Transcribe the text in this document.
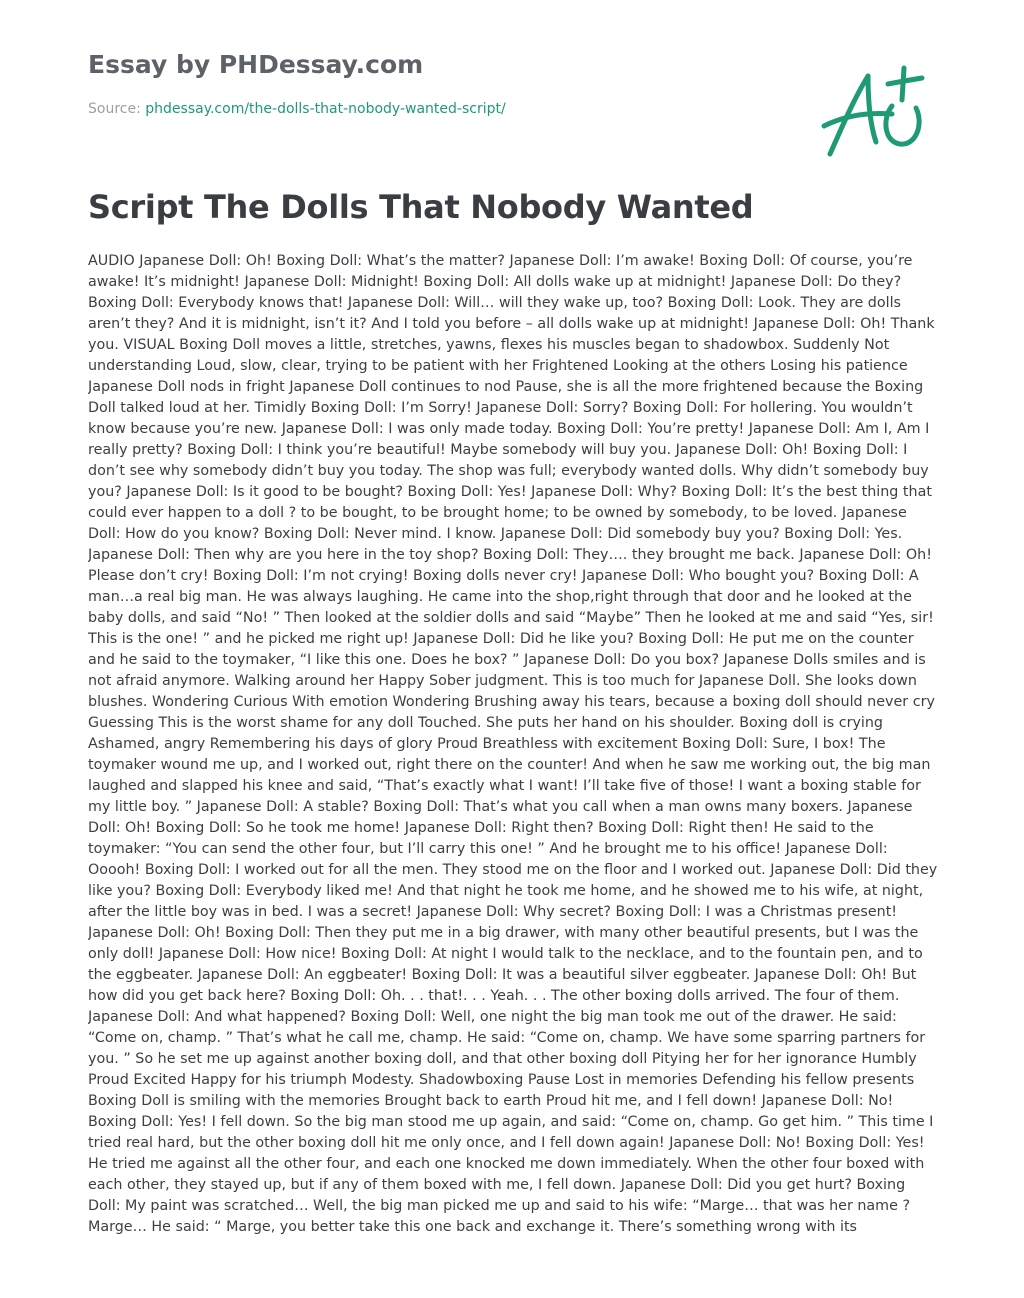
Essay by PHDessay.com
Source: phdessay.com/the-dolls-that-nobody-wanted-script/
Script The Dolls That Nobody Wanted

AUDIO Japanese Doll: Oh! Boxing Doll: What’s the matter? Japanese Doll: I’m awake! Boxing Doll: Of course, you’re awake! It’s midnight! Japanese Doll: Midnight! Boxing Doll: All dolls wake up at midnight! Japanese Doll: Do they? Boxing Doll: Everybody knows that! Japanese Doll: Will… will they wake up, too? Boxing Doll: Look. They are dolls aren’t they? And it is midnight, isn’t it? And I told you before – all dolls wake up at midnight! Japanese Doll: Oh! Thank you. VISUAL Boxing Doll moves a little, stretches, yawns, flexes his muscles began to shadowbox. Suddenly Not understanding Loud, slow, clear, trying to be patient with her Frightened Looking at the others Losing his patience Japanese Doll nods in fright Japanese Doll continues to nod Pause, she is all the more frightened because the Boxing Doll talked loud at her. Timidly Boxing Doll: I’m Sorry! Japanese Doll: Sorry? Boxing Doll: For hollering. You wouldn’t know because you’re new. Japanese Doll: I was only made today. Boxing Doll: You’re pretty! Japanese Doll: Am I, Am I really pretty? Boxing Doll: I think you’re beautiful! Maybe somebody will buy you. Japanese Doll: Oh! Boxing Doll: I don’t see why somebody didn’t buy you today. The shop was full; everybody wanted dolls. Why didn’t somebody buy you? Japanese Doll: Is it good to be bought? Boxing Doll: Yes! Japanese Doll: Why? Boxing Doll: It’s the best thing that could ever happen to a doll ? to be bought, to be brought home; to be owned by somebody, to be loved. Japanese Doll: How do you know? Boxing Doll: Never mind. I know. Japanese Doll: Did somebody buy you? Boxing Doll: Yes. Japanese Doll: Then why are you here in the toy shop? Boxing Doll: They…. they brought me back. Japanese Doll: Oh! Please don’t cry! Boxing Doll: I’m not crying! Boxing dolls never cry! Japanese Doll: Who bought you? Boxing Doll: A man…a real big man. He was always laughing. He came into the shop,right through that door and he looked at the baby dolls, and said “No! ” Then looked at the soldier dolls and said “Maybe” Then he looked at me and said “Yes, sir! This is the one! ” and he picked me right up! Japanese Doll: Did he like you? Boxing Doll: He put me on the counter and he said to the toymaker, “I like this one. Does he box? ” Japanese Doll: Do you box? Japanese Dolls smiles and is not afraid anymore. Walking around her Happy Sober judgment. This is too much for Japanese Doll. She looks down blushes. Wondering Curious With emotion Wondering Brushing away his tears, because a boxing doll should never cry Guessing This is the worst shame for any doll Touched. She puts her hand on his shoulder. Boxing doll is crying Ashamed, angry Remembering his days of glory Proud Breathless with excitement Boxing Doll: Sure, I box! The toymaker wound me up, and I worked out, right there on the counter! And when he saw me working out, the big man laughed and slapped his knee and said, “That’s exactly what I want! I’ll take five of those! I want a boxing stable for my little boy. ” Japanese Doll: A stable? Boxing Doll: That’s what you call when a man owns many boxers. Japanese Doll: Oh! Boxing Doll: So he took me home! Japanese Doll: Right then? Boxing Doll: Right then! He said to the toymaker: “You can send the other four, but I’ll carry this one! ” And he brought me to his office! Japanese Doll: Ooooh! Boxing Doll: I worked out for all the men. They stood me on the floor and I worked out. Japanese Doll: Did they like you? Boxing Doll: Everybody liked me! And that night he took me home, and he showed me to his wife, at night, after the little boy was in bed. I was a secret! Japanese Doll: Why secret? Boxing Doll: I was a Christmas present! Japanese Doll: Oh! Boxing Doll: Then they put me in a big drawer, with many other beautiful presents, but I was the only doll! Japanese Doll: How nice! Boxing Doll: At night I would talk to the necklace, and to the fountain pen, and to the eggbeater. Japanese Doll: An eggbeater! Boxing Doll: It was a beautiful silver eggbeater. Japanese Doll: Oh! But how did you get back here? Boxing Doll: Oh. . . that!. . . Yeah. . . The other boxing dolls arrived. The four of them. Japanese Doll: And what happened? Boxing Doll: Well, one night the big man took me out of the drawer. He said: “Come on, champ. ” That’s what he call me, champ. He said: “Come on, champ. We have some sparring partners for you. ” So he set me up against another boxing doll, and that other boxing doll Pitying her for her ignorance Humbly Proud Excited Happy for his triumph Modesty. Shadowboxing Pause Lost in memories Defending his fellow presents Boxing Doll is smiling with the memories Brought back to earth Proud hit me, and I fell down! Japanese Doll: No! Boxing Doll: Yes! I fell down. So the big man stood me up again, and said: “Come on, champ. Go get him. ” This time I tried real hard, but the other boxing doll hit me only once, and I fell down again! Japanese Doll: No! Boxing Doll: Yes! He tried me against all the other four, and each one knocked me down immediately. When the other four boxed with each other, they stayed up, but if any of them boxed with me, I fell down. Japanese Doll: Did you get hurt? Boxing Doll: My paint was scratched… Well, the big man picked me up and said to his wife: “Marge… that was her name ? Marge… He said: “ Marge, you better take this one back and exchange it. There’s something wrong with its
